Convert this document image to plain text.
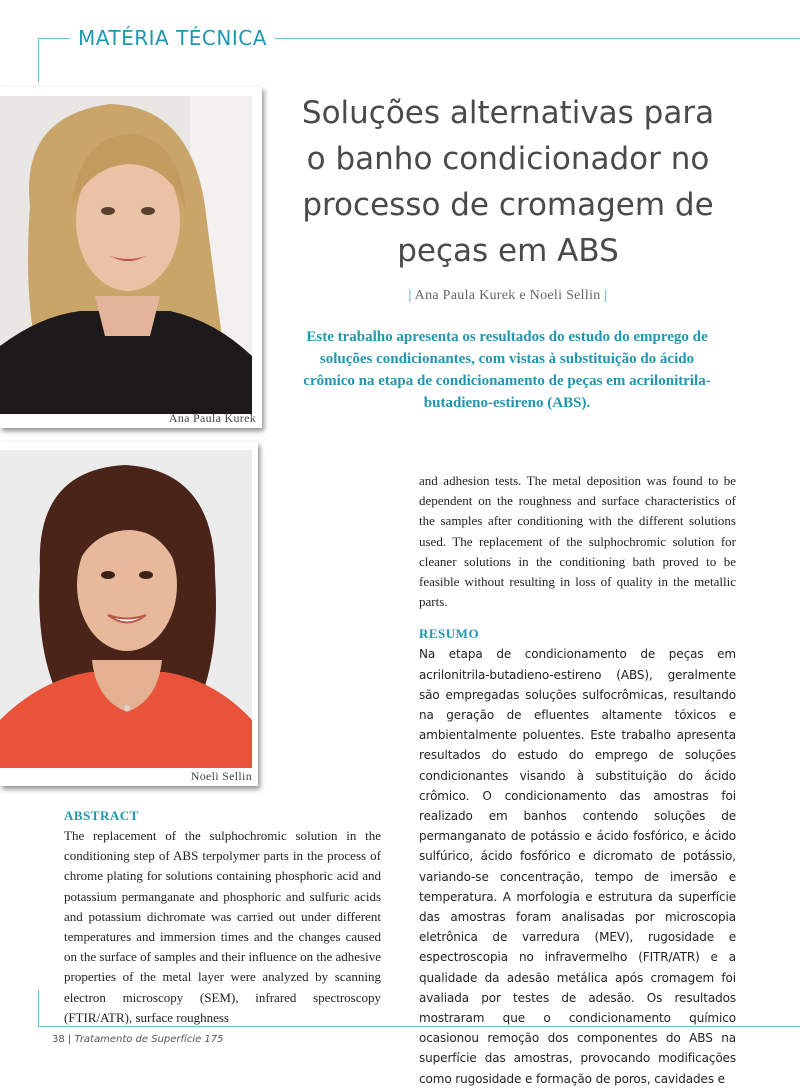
MATÉRIA TÉCNICA
Ana Paula Kurek
Noeli Sellin
Soluções alternativas para o banho condicionador no processo de cromagem de peças em ABS
| Ana Paula Kurek e Noeli Sellin |
Este trabalho apresenta os resultados do estudo do emprego de soluções condicionantes, com vistas à substituição do ácido crômico na etapa de condicionamento de peças em acrilonitrila-butadieno-estireno (ABS).
ABSTRACT

The replacement of the sulphochromic solution in the conditioning step of ABS terpolymer parts in the process of chrome plating for solutions containing phosphoric acid and potassium permanganate and phosphoric and sulfuric acids and potassium dichromate was carried out under different temperatures and immersion times and the changes caused on the surface of samples and their influence on the adhesive properties of the metal layer were analyzed by scanning electron microscopy (SEM), infrared spectroscopy (FTIR/ATR), surface roughness

and adhesion tests. The metal deposition was found to be dependent on the roughness and surface characteristics of the samples after conditioning with the different solutions used. The replacement of the sulphochromic solution for cleaner solutions in the conditioning bath proved to be feasible without resulting in loss of quality in the metallic parts.

RESUMO

Na etapa de condicionamento de peças em acrilonitrila-butadieno-estireno (ABS), geralmente são empregadas soluções sulfocrômicas, resultando na geração de efluentes altamente tóxicos e ambientalmente poluentes. Este trabalho apresenta resultados do estudo do emprego de soluções condicionantes visando à substituição do ácido crômico. O condicionamento das amostras foi realizado em banhos contendo soluções de permanganato de potássio e ácido fosfórico, e ácido sulfúrico, ácido fosfórico e dicromato de potássio, variando-se concentração, tempo de imersão e temperatura. A morfologia e estrutura da superfície das amostras foram analisadas por microscopia eletrônica de varredura (MEV), rugosidade e espectroscopia no infravermelho (FITR/ATR) e a qualidade da adesão metálica após cromagem foi avaliada por testes de adesão. Os resultados mostraram que o condicionamento químico ocasionou remoção dos componentes do ABS na superfície das amostras, provocando modificações como rugosidade e formação de poros, cavidades e

38 | Tratamento de Superfície 175
